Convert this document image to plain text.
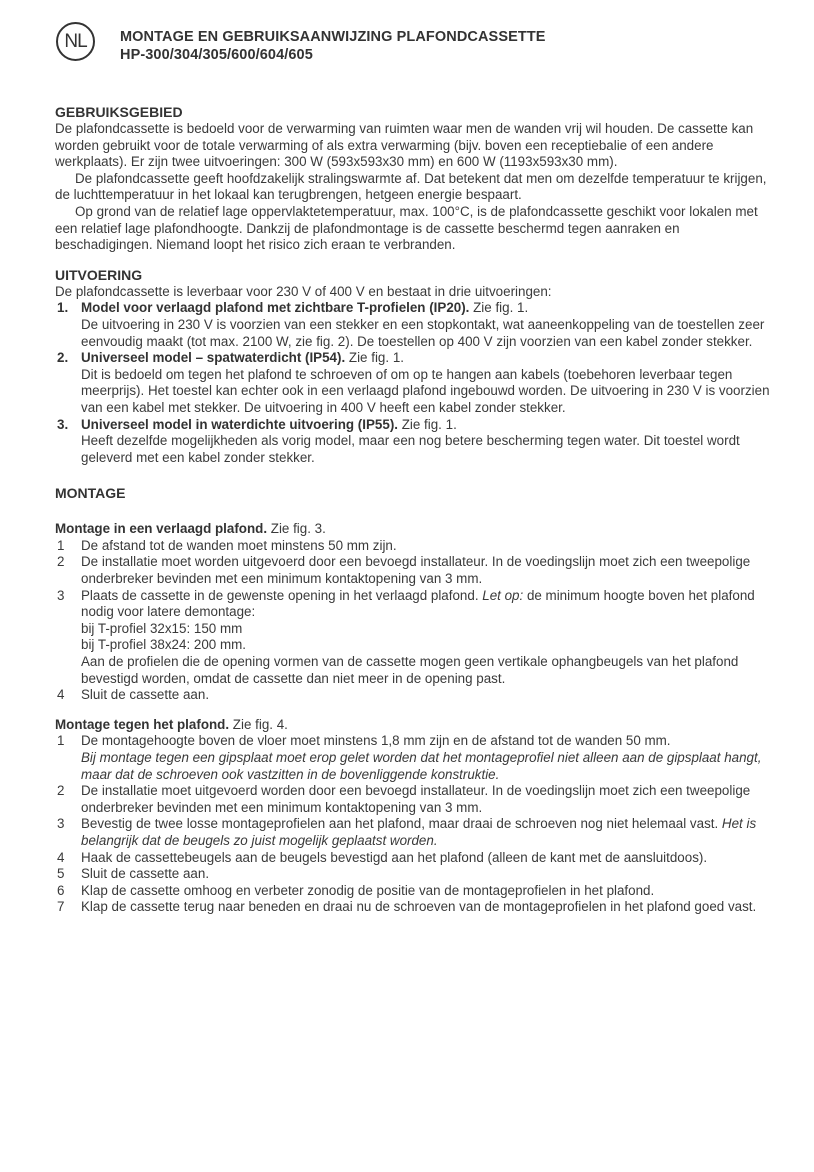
NL	MONTAGE EN GEBRUIKSAANWIJZING PLAFONDCASSETTE
HP-300/304/305/600/604/605
GEBRUIKSGEBIED

De plafondcassette is bedoeld voor de verwarming van ruimten waar men de wanden vrij wil houden. De cassette kan worden gebruikt voor de totale verwarming of als extra verwarming (bijv. boven een receptiebalie of een andere werkplaats). Er zijn twee uitvoeringen: 300 W (593x593x30 mm) en 600 W (1193x593x30 mm).

De plafondcassette geeft hoofdzakelijk stralingswarmte af. Dat betekent dat men om dezelfde temperatuur te krijgen, de luchttemperatuur in het lokaal kan terugbrengen, hetgeen energie bespaart.

Op grond van de relatief lage oppervlaktetemperatuur, max. 100°C, is de plafondcassette geschikt voor lokalen met een relatief lage plafondhoogte. Dankzij de plafondmontage is de cassette beschermd tegen aanraken en beschadigingen. Niemand loopt het risico zich eraan te verbranden.

UITVOERING

De plafondcassette is leverbaar voor 230 V of 400 V en bestaat in drie uitvoeringen:

1. Model voor verlaagd plafond met zichtbare T-profielen (IP20). Zie fig. 1.
De uitvoering in 230 V is voorzien van een stekker en een stopkontakt, wat aaneenkoppeling van de toestellen zeer eenvoudig maakt (tot max. 2100 W, zie fig. 2). De toestellen op 400 V zijn voorzien van een kabel zonder stekker.
2. Universeel model – spatwaterdicht (IP54). Zie fig. 1.
Dit is bedoeld om tegen het plafond te schroeven of om op te hangen aan kabels (toebehoren leverbaar tegen meerprijs). Het toestel kan echter ook in een verlaagd plafond ingebouwd worden. De uitvoering in 230 V is voorzien van een kabel met stekker. De uitvoering in 400 V heeft een kabel zonder stekker.
3. Universeel model in waterdichte uitvoering (IP55). Zie fig. 1.
Heeft dezelfde mogelijkheden als vorig model, maar een nog betere bescherming tegen water. Dit toestel wordt geleverd met een kabel zonder stekker.
MONTAGE

Montage in een verlaagd plafond. Zie fig. 3.

1	De afstand tot de wanden moet minstens 50 mm zijn.
2	De installatie moet worden uitgevoerd door een bevoegd installateur. In de voedingslijn moet zich een tweepolige onderbreker bevinden met een minimum kontaktopening van 3 mm.
3	Plaats de cassette in de gewenste opening in het verlaagd plafond. Let op: de minimum hoogte boven het plafond nodig voor latere demontage:
bij T-profiel 32x15: 150 mm
bij T-profiel 38x24: 200 mm.
Aan de profielen die de opening vormen van de cassette mogen geen vertikale ophangbeugels van het plafond bevestigd worden, omdat de cassette dan niet meer in de opening past.
4	Sluit de cassette aan.

Montage tegen het plafond. Zie fig. 4.

1	De montagehoogte boven de vloer moet minstens 1,8 mm zijn en de afstand tot de wanden 50 mm.
Bij montage tegen een gipsplaat moet erop gelet worden dat het montageprofiel niet alleen aan de gipsplaat hangt, maar dat de schroeven ook vastzitten in de bovenliggende konstruktie.
2	De installatie moet uitgevoerd worden door een bevoegd installateur. In de voedingslijn moet zich een tweepolige onderbreker bevinden met een minimum kontaktopening van 3 mm.
3	Bevestig de twee losse montageprofielen aan het plafond, maar draai de schroeven nog niet helemaal vast. Het is belangrijk dat de beugels zo juist mogelijk geplaatst worden.
4	Haak de cassettebeugels aan de beugels bevestigd aan het plafond (alleen de kant met de aansluitdoos).
5	Sluit de cassette aan.
6	Klap de cassette omhoog en verbeter zonodig de positie van de montageprofielen in het plafond.
7	Klap de cassette terug naar beneden en draai nu de schroeven van de montageprofielen in het plafond goed vast.
